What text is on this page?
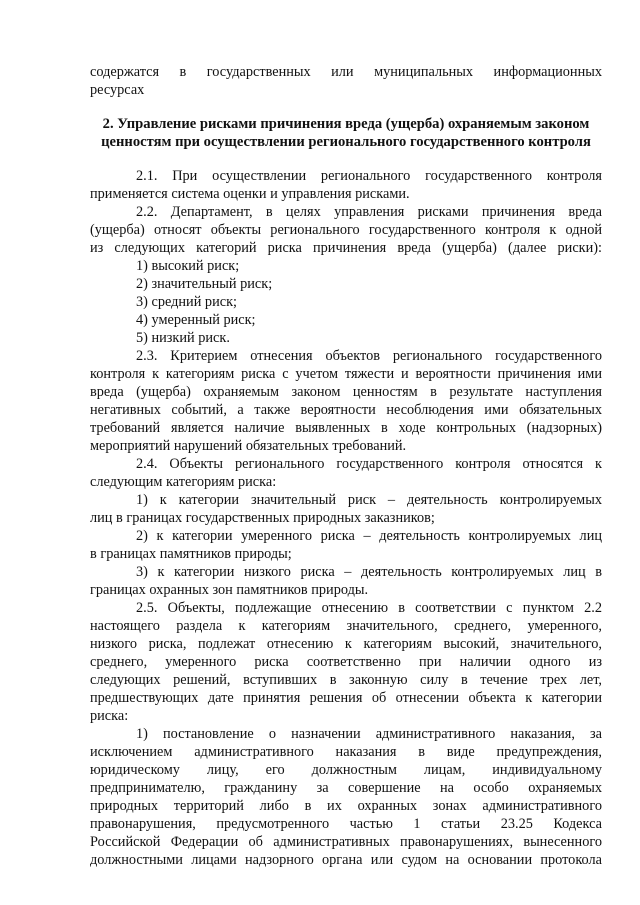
содержатся в государственных или муниципальных информационных
ресурсах
2. Управление рисками причинения вреда (ущерба) охраняемым законом
ценностям при осуществлении регионального государственного контроля
2.1. При осуществлении регионального государственного контроля
применяется система оценки и управления рисками.
2.2. Департамент, в целях управления рисками причинения вреда
(ущерба) относят объекты регионального государственного контроля к одной
из следующих категорий риска причинения вреда (ущерба) (далее риски):
1) высокий риск;
2) значительный риск;
3) средний риск;
4) умеренный риск;
5) низкий риск.
2.3. Критерием отнесения объектов регионального государственного
контроля к категориям риска с учетом тяжести и вероятности причинения ими
вреда (ущерба) охраняемым законом ценностям в результате наступления
негативных событий, а также вероятности несоблюдения ими обязательных
требований является наличие выявленных в ходе контрольных (надзорных)
мероприятий нарушений обязательных требований.
2.4. Объекты регионального государственного контроля относятся к
следующим категориям риска:
1) к категории значительный риск – деятельность контролируемых
лиц в границах государственных природных заказников;
2) к категории умеренного риска – деятельность контролируемых лиц
в границах памятников природы;
3) к категории низкого риска – деятельность контролируемых лиц в
границах охранных зон памятников природы.
2.5. Объекты, подлежащие отнесению в соответствии с пунктом 2.2
настоящего раздела к категориям значительного, среднего, умеренного,
низкого риска, подлежат отнесению к категориям высокий, значительного,
среднего, умеренного риска соответственно при наличии одного из
следующих решений, вступивших в законную силу в течение трех лет,
предшествующих дате принятия решения об отнесении объекта к категории
риска:
1) постановление о назначении административного наказания, за
исключением административного наказания в виде предупреждения,
юридическому лицу, его должностным лицам, индивидуальному
предпринимателю, гражданину за совершение на особо охраняемых
природных территорий либо в их охранных зонах административного
правонарушения, предусмотренного частью 1 статьи 23.25 Кодекса
Российской Федерации об административных правонарушениях, вынесенного
должностными лицами надзорного органа или судом на основании протокола
